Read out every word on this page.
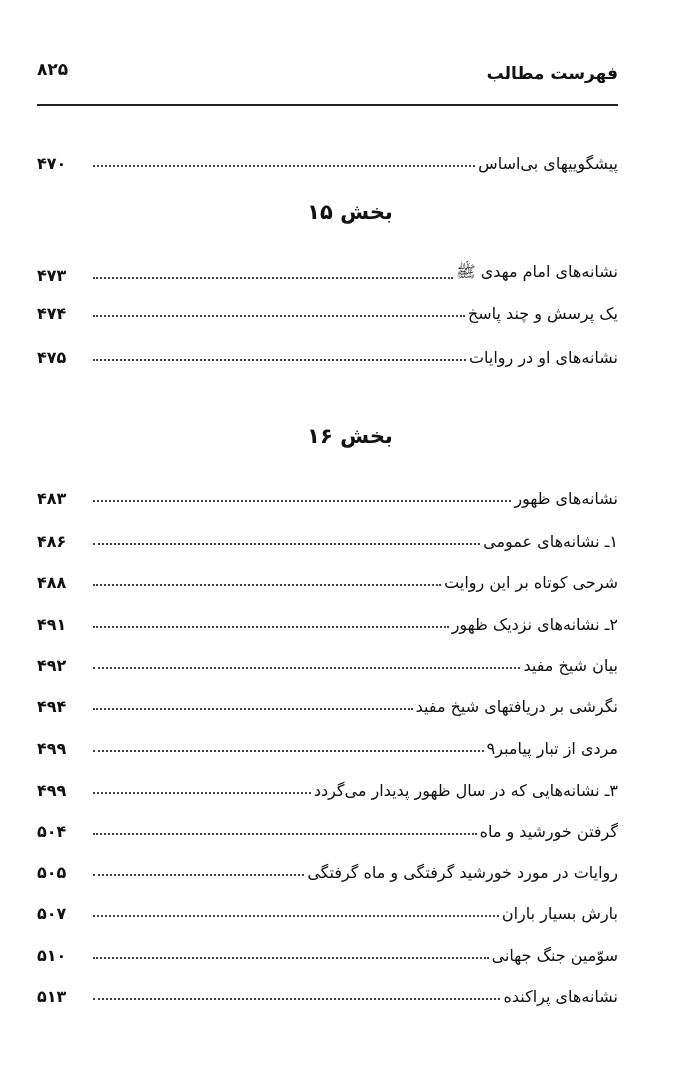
فهرست مطالب
۸۲۵
پیشگوییهای بی‌اساس
۴۷۰
نشانه‌های امام مهدی ﷺ
۴۷۳
یک پرسش و چند پاسخ
۴۷۴
نشانه‌های او در روایات
۴۷۵
نشانه‌های ظهور
۴۸۳
۱ـ نشانه‌های عمومی
۴۸۶
شرحی کوتاه بر این روایت
۴۸۸
۲ـ نشانه‌های نزدیک ظهور
۴۹۱
بیان شیخ مفید
۴۹۲
نگرشی بر دریافتهای شیخ مفید
۴۹۴
مردی از تبار پیامبر۹
۴۹۹
۳ـ نشانه‌هایی که در سال ظهور پدیدار می‌گردد
۴۹۹
گرفتن خورشید و ماه
۵۰۴
روایات در مورد خورشید گرفتگی و ماه گرفتگی
۵۰۵
بارش بسیار باران
۵۰۷
سوّمین جنگ جهانی
۵۱۰
نشانه‌های پراکنده
۵۱۳
بخش ۱۵
بخش ۱۶
